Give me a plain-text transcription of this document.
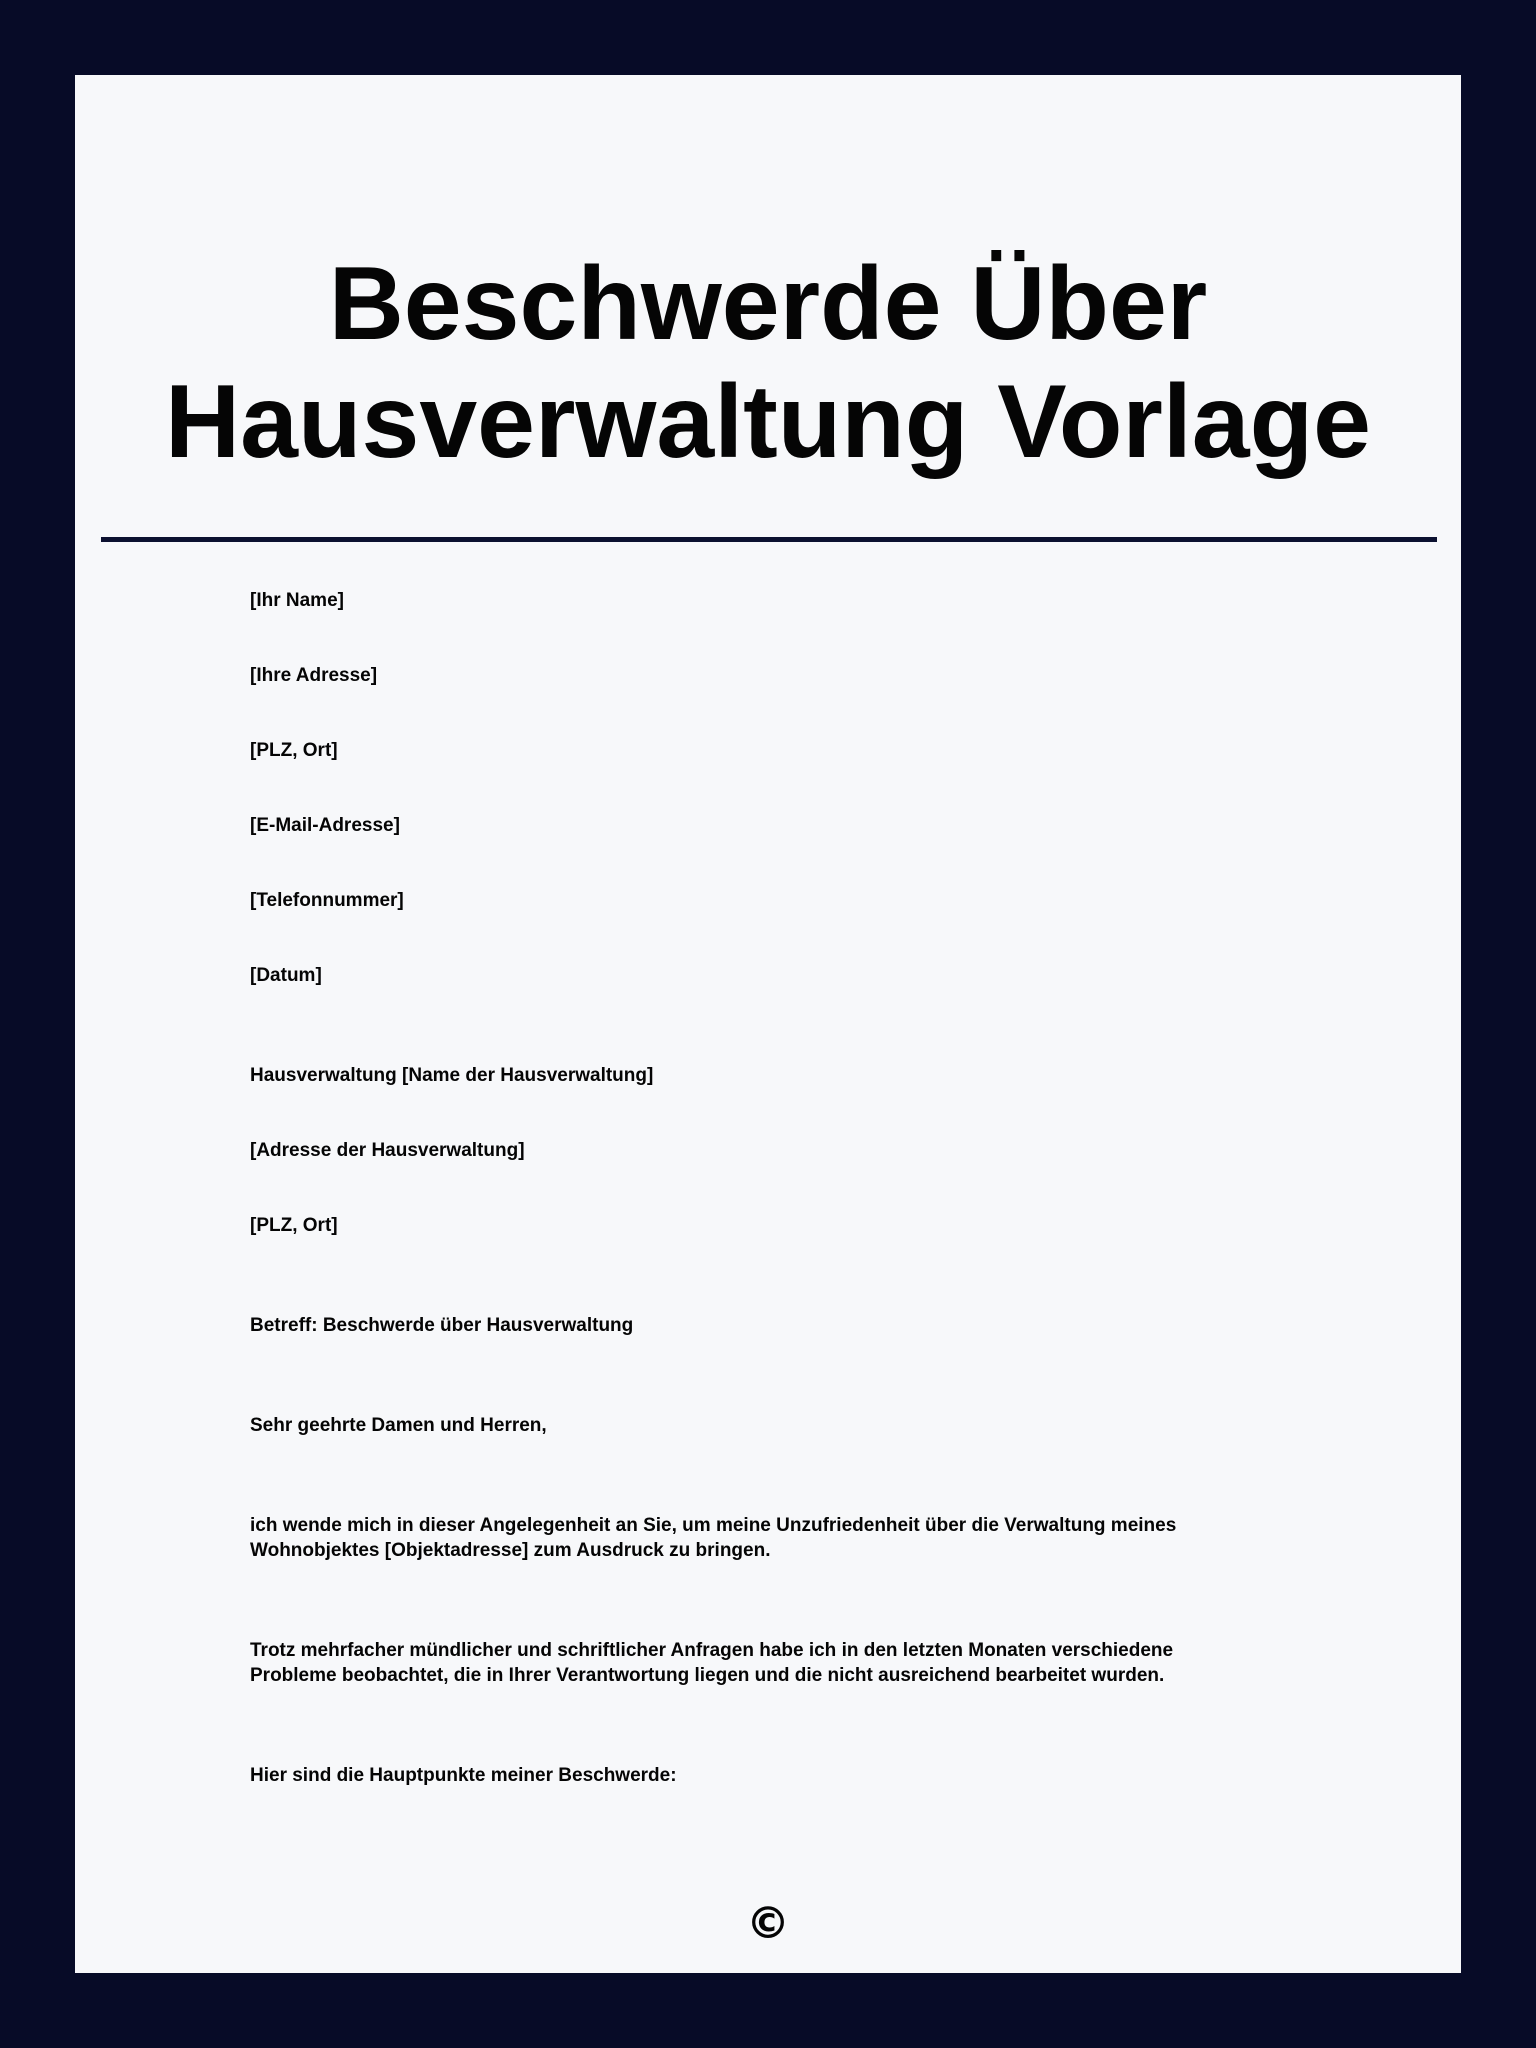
Beschwerde Über
Hausverwaltung Vorlage
[Ihr Name]
[Ihre Adresse]
[PLZ, Ort]
[E-Mail-Adresse]
[Telefonnummer]
[Datum]
Hausverwaltung [Name der Hausverwaltung]
[Adresse der Hausverwaltung]
[PLZ, Ort]
Betreff: Beschwerde über Hausverwaltung
Sehr geehrte Damen und Herren,
ich wende mich in dieser Angelegenheit an Sie, um meine Unzufriedenheit über die Verwaltung meines
Wohnobjektes [Objektadresse] zum Ausdruck zu bringen.
Trotz mehrfacher mündlicher und schriftlicher Anfragen habe ich in den letzten Monaten verschiedene
Probleme beobachtet, die in Ihrer Verantwortung liegen und die nicht ausreichend bearbeitet wurden.
Hier sind die Hauptpunkte meiner Beschwerde:
©
